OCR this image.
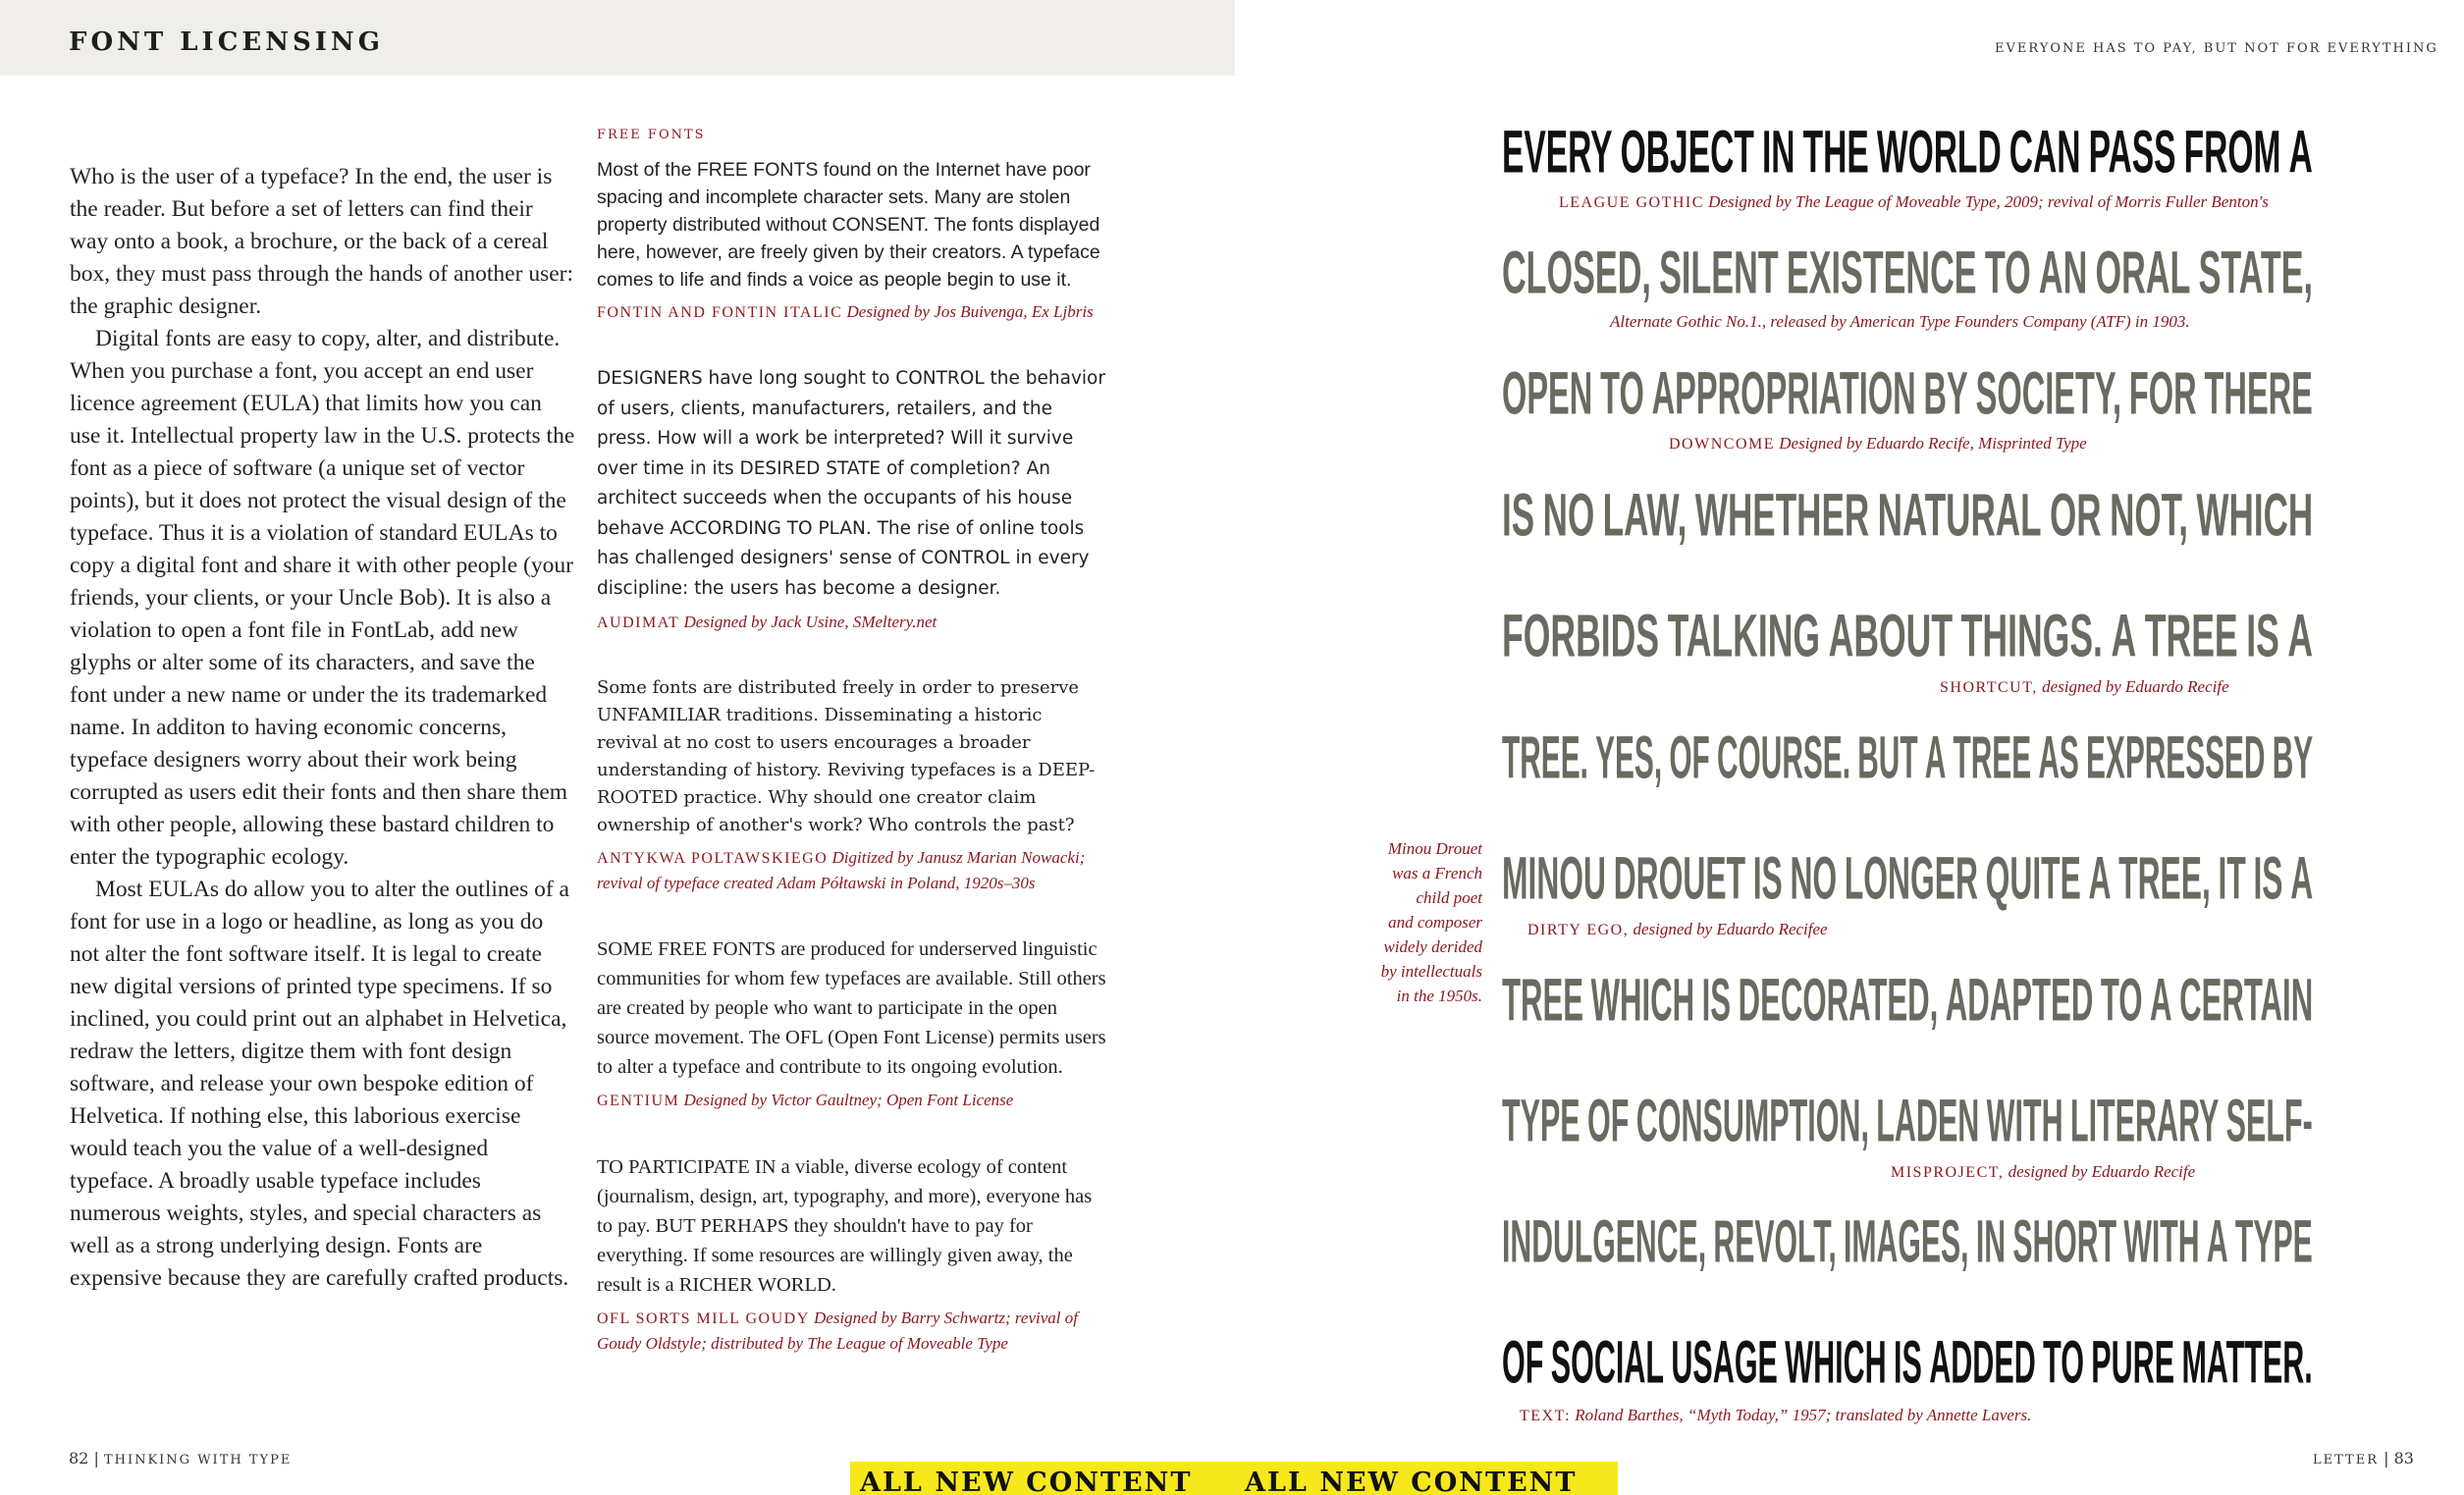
FONT LICENSING

Who is the user of a typeface? In the end, the user is the reader. But before a set of letters can find their way onto a book, a brochure, or the back of a cereal box, they must pass through the hands of another user: the graphic designer.

Digital fonts are easy to copy, alter, and distribute. When you purchase a font, you accept an end user licence agreement (EULA) that limits how you can use it. Intellectual property law in the U.S. protects the font as a piece of software (a unique set of vector points), but it does not protect the visual design of the typeface. Thus it is a violation of standard EULAs to copy a digital font and share it with other people (your friends, your clients, or your Uncle Bob). It is also a violation to open a font file in FontLab, add new glyphs or alter some of its characters, and save the font under a new name or under the its trademarked name. In additon to having economic concerns, typeface designers worry about their work being corrupted as users edit their fonts and then share them with other people, allowing these bastard children to enter the typographic ecology.

Most EULAs do allow you to alter the outlines of a font for use in a logo or headline, as long as you do not alter the font software itself. It is legal to create new digital versions of printed type specimens. If so inclined, you could print out an alphabet in Helvetica, redraw the letters, digitze them with font design software, and release your own bespoke edition of Helvetica. If nothing else, this laborious exercise would teach you the value of a well-designed typeface. A broadly usable typeface includes numerous weights, styles, and special characters as well as a strong underlying design. Fonts are expensive because they are carefully crafted products.

FREE FONTS
Most of the FREE FONTS found on the Internet have poor spacing and incomplete character sets. Many are stolen property distributed without CONSENT. The fonts displayed here, however, are freely given by their creators. A typeface comes to life and finds a voice as people begin to use it.
FONTIN AND FONTIN ITALIC Designed by Jos Buivenga, Ex Ljbris
DESIGNERS have long sought to CONTROL the behavior of users, clients, manufacturers, retailers, and the press. How will a work be interpreted? Will it survive over time in its DESIRED STATE of completion? An architect succeeds when the occupants of his house behave ACCORDING TO PLAN. The rise of online tools has challenged designers' sense of CONTROL in every discipline: the users has become a designer.
AUDIMAT Designed by Jack Usine, SMeltery.net
Some fonts are distributed freely in order to preserve UNFAMILIAR traditions. Disseminating a historic revival at no cost to users encourages a broader understanding of history. Reviving typefaces is a DEEP-ROOTED practice. Why should one creator claim ownership of another's work? Who controls the past?
ANTYKWA POLTAWSKIEGO Digitized by Janusz Marian Nowacki; revival of typeface created Adam Półtawski in Poland, 1920s–30s
SOME FREE FONTS are produced for underserved linguistic communities for whom few typefaces are available. Still others are created by people who want to participate in the open source movement. The OFL (Open Font License) permits users to alter a typeface and contribute to its ongoing evolution.
GENTIUM Designed by Victor Gaultney; Open Font License
TO PARTICIPATE IN a viable, diverse ecology of content (journalism, design, art, typography, and more), everyone has to pay. BUT PERHAPS they shouldn't have to pay for everything. If some resources are willingly given away, the result is a RICHER WORLD.
OFL SORTS MILL GOUDY Designed by Barry Schwartz; revival of Goudy Oldstyle; distributed by The League of Moveable Type
82 | THINKING WITH TYPE
EVERYONE HAS TO PAY, BUT NOT FOR EVERYTHING
EVERY OBJECT IN THE WORLD CAN PASS FROM A
LEAGUE GOTHIC Designed by The League of Moveable Type, 2009; revival of Morris Fuller Benton's
CLOSED, SILENT EXISTENCE TO AN ORAL STATE,
Alternate Gothic No.1., released by American Type Founders Company (ATF) in 1903.
OPEN TO APPROPRIATION BY SOCIETY, FOR THERE
DOWNCOME Designed by Eduardo Recife, Misprinted Type
IS NO LAW, WHETHER NATURAL OR NOT, WHICH
FORBIDS TALKING ABOUT THINGS. A TREE IS A
SHORTCUT, designed by Eduardo Recife
TREE. YES, OF COURSE. BUT A TREE AS EXPRESSED BY
MINOU DROUET IS NO LONGER QUITE A TREE, IT IS A
DIRTY EGO, designed by Eduardo Recifee
TREE WHICH IS DECORATED, ADAPTED TO A CERTAIN
TYPE OF CONSUMPTION, LADEN WITH LITERARY SELF-
MISPROJECT, designed by Eduardo Recife
INDULGENCE, REVOLT, IMAGES, IN SHORT WITH A TYPE
OF SOCIAL USAGE WHICH IS ADDED TO PURE MATTER.
TEXT: Roland Barthes, “Myth Today,” 1957; translated by Annette Lavers.
Minou Drouet
was a French
child poet
and composer
widely derided
by intellectuals
in the 1950s.
LETTER | 83
ALL NEW CONTENT	ALL NEW CONTENT
